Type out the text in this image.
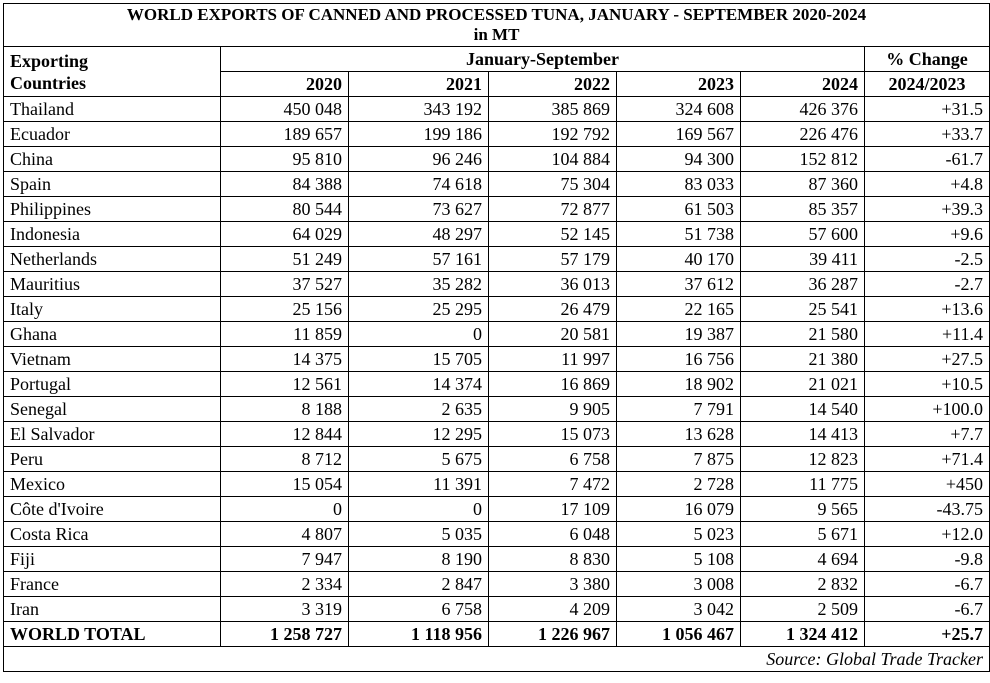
WORLD EXPORTS OF CANNED AND PROCESSED TUNA, JANUARY - SEPTEMBER 2020-2024
in MT						

Exporting
Countries	January-September					% Change
	2020	2021	2022	2023	2024	2024/2023
Thailand	450 048	343 192	385 869	324 608	426 376	+31.5
Ecuador	189 657	199 186	192 792	169 567	226 476	+33.7
China	95 810	96 246	104 884	94 300	152 812	-61.7
Spain	84 388	74 618	75 304	83 033	87 360	+4.8
Philippines	80 544	73 627	72 877	61 503	85 357	+39.3
Indonesia	64 029	48 297	52 145	51 738	57 600	+9.6
Netherlands	51 249	57 161	57 179	40 170	39 411	-2.5
Mauritius	37 527	35 282	36 013	37 612	36 287	-2.7
Italy	25 156	25 295	26 479	22 165	25 541	+13.6
Ghana	11 859	0	20 581	19 387	21 580	+11.4
Vietnam	14 375	15 705	11 997	16 756	21 380	+27.5
Portugal	12 561	14 374	16 869	18 902	21 021	+10.5
Senegal	8 188	2 635	9 905	7 791	14 540	+100.0
El Salvador	12 844	12 295	15 073	13 628	14 413	+7.7
Peru	8 712	5 675	6 758	7 875	12 823	+71.4
Mexico	15 054	11 391	7 472	2 728	11 775	+450
Côte d'Ivoire	0	0	17 109	16 079	9 565	-43.75
Costa Rica	4 807	5 035	6 048	5 023	5 671	+12.0
Fiji	7 947	8 190	8 830	5 108	4 694	-9.8
France	2 334	2 847	3 380	3 008	2 832	-6.7
Iran	3 319	6 758	4 209	3 042	2 509	-6.7
WORLD TOTAL	1 258 727	1 118 956	1 226 967	1 056 467	1 324 412	+25.7
Source: Global Trade Tracker						
